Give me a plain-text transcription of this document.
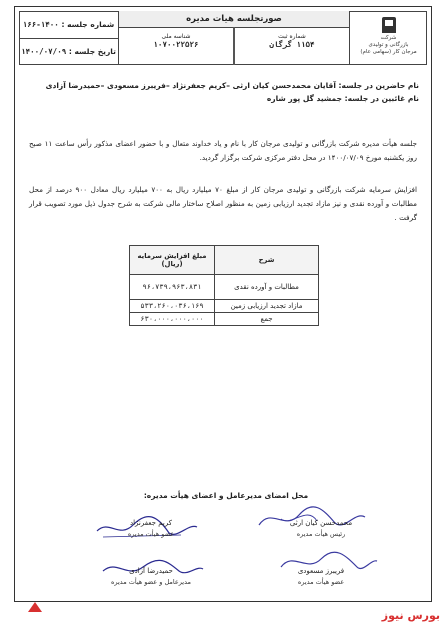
شماره جلسه : ۱۴۰۰-۱۶۶
تاریخ جلسه : ۱۴۰۰/۰۷/۰۹
صورتجلسه هیات مدیره
شناسه ملی
۱۰۷۰۰۲۲۵۲۶
شماره ثبت
۱۱۵۴ گرگان
شرکت
بازرگانی و تولیدی
مرجان کار (سهامی عام)
نام حاضرین در جلسه: آقایان محمدحسن کیان ارثی –کریم جعفرنژاد –فریبرز مسعودی –حمیدرضا آزادی
نام غائبین در جلسه: جمشید گل پور شاره
جلسه هیأت مدیره شرکت بازرگانی و تولیدی مرجان کار با نام و یاد خداوند متعال و با حضور اعضای مذکور رأس ساعت ۱۱ صبح روز یکشنبه مورخ ۱۴۰۰/۰۷/۰۹ در محل دفتر مرکزی شرکت برگزار گردید.
افزایش سرمایه شرکت بازرگانی و تولیدی مرجان کار از مبلغ ۷۰ میلیارد ریال به ۷۰۰ میلیارد ریال معادل ۹۰۰ درصد از محل مطالبات و آورده نقدی و نیز مازاد تجدید ارزیابی زمین به منظور اصلاح ساختار مالی شرکت به شرح جدول ذیل مورد تصویب قرار گرفت .
شرح	مبلغ افزایش سرمایه (ریال)
مطالبات و آورده نقدی	۹۶،۷۳۹،۹۶۳،۸۳۱
مازاد تجدید ارزیابی زمین	۵۳۳،۲۶۰،۰۳۶،۱۶۹
جمع	۶۳۰،۰۰۰،۰۰۰،۰۰۰
محل امضای مدیرعامل و اعضای هیأت مدیره:
محمدحسن کیان ارثی
رئیس هیأت مدیره
کریم جعفرنژاد
عضو هیأت مدیره
فریبرز مسعودی
عضو هیأت مدیره
حمیدرضا آزادی
مدیرعامل و عضو هیأت مدیره
بورس نیوز
